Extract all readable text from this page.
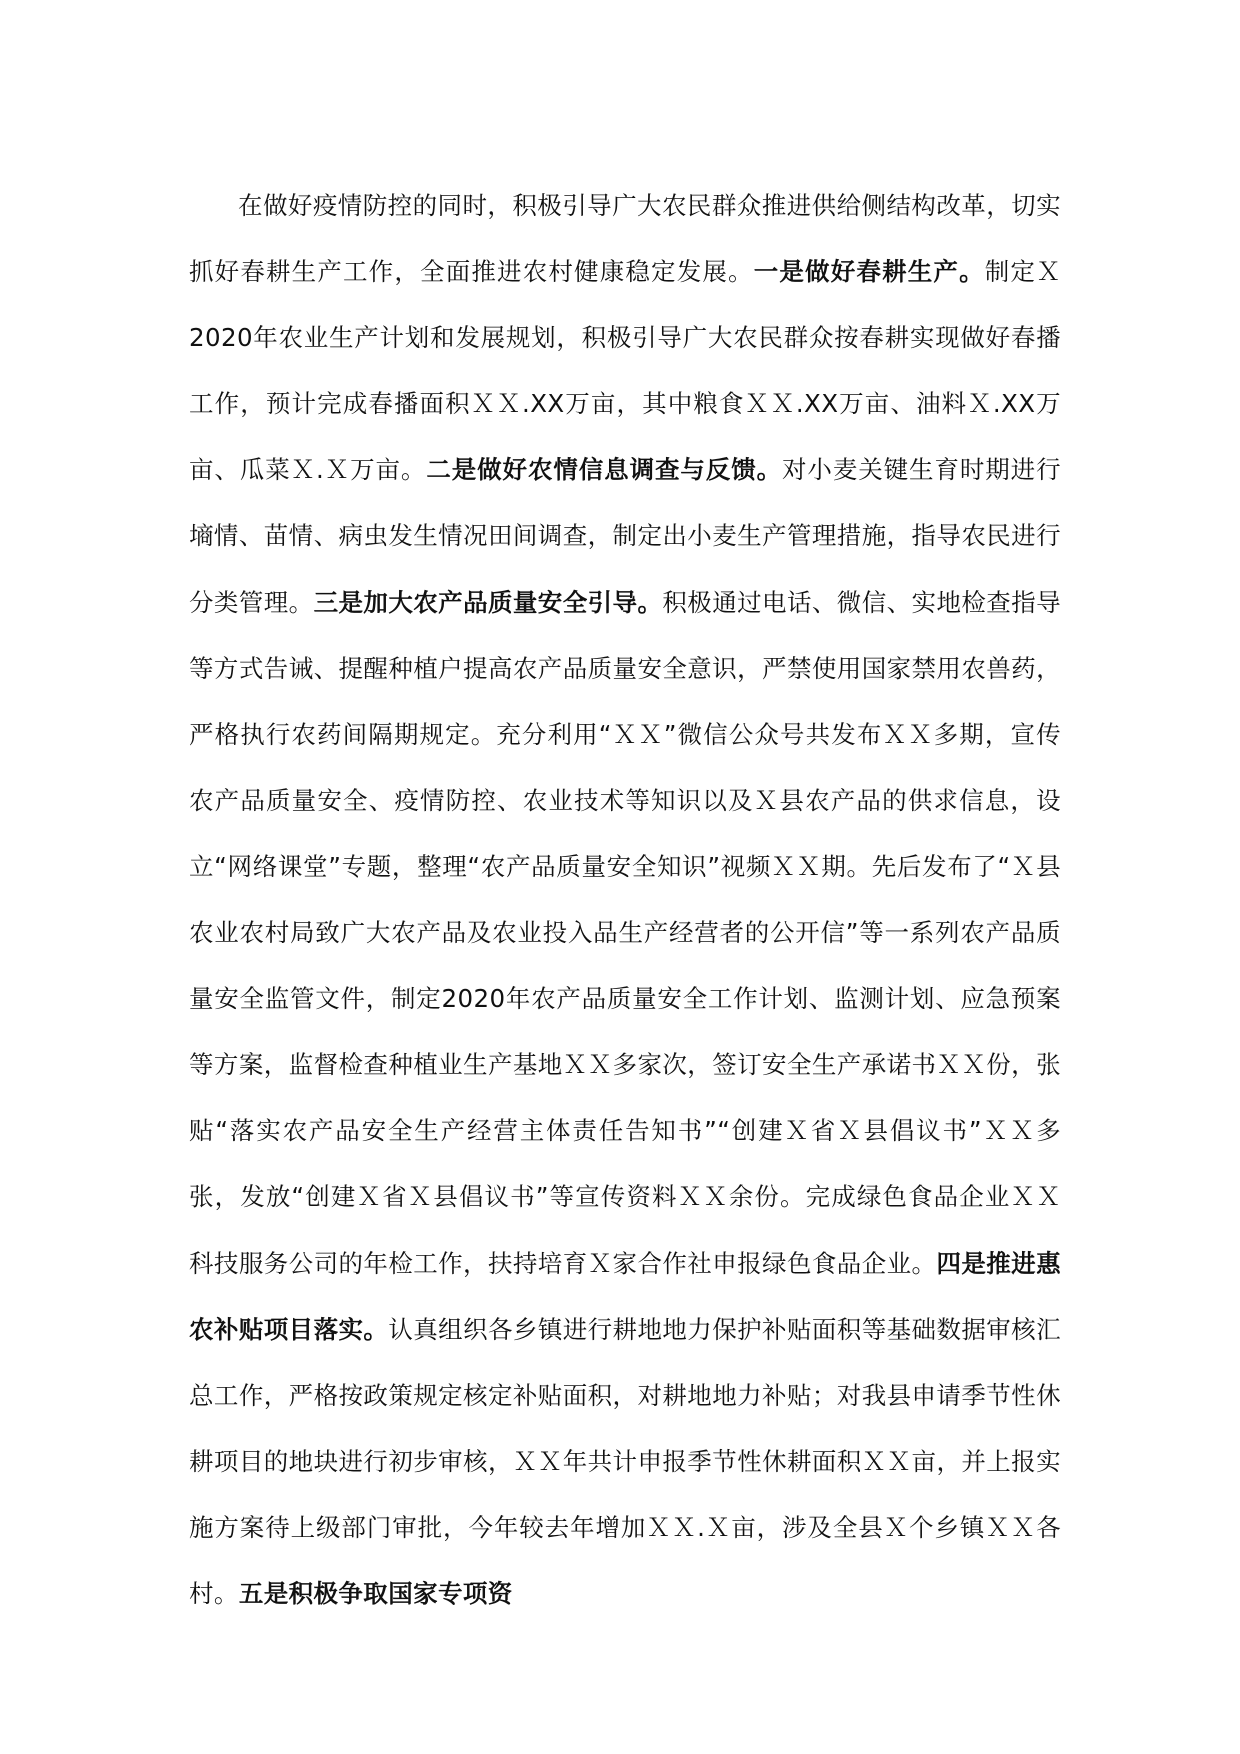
在做好疫情防控的同时，积极引导广大农民群众推进供给侧结构改革，切实抓好春耕生产工作，全面推进农村健康稳定发展。一是做好春耕生产。制定Ｘ2020年农业生产计划和发展规划，积极引导广大农民群众按春耕实现做好春播工作，预计完成春播面积ＸＸ.XX万亩，其中粮食ＸＸ.XX万亩、油料Ｘ.XX万亩、瓜菜Ｘ.Ｘ万亩。二是做好农情信息调查与反馈。对小麦关键生育时期进行墒情、苗情、病虫发生情况田间调查，制定出小麦生产管理措施，指导农民进行分类管理。三是加大农产品质量安全引导。积极通过电话、微信、实地检查指导等方式告诫、提醒种植户提高农产品质量安全意识，严禁使用国家禁用农兽药，严格执行农药间隔期规定。充分利用“ＸＸ”微信公众号共发布ＸＸ多期，宣传农产品质量安全、疫情防控、农业技术等知识以及Ｘ县农产品的供求信息，设立“网络课堂”专题，整理“农产品质量安全知识”视频ＸＸ期。先后发布了“Ｘ县农业农村局致广大农产品及农业投入品生产经营者的公开信”等一系列农产品质量安全监管文件，制定2020年农产品质量安全工作计划、监测计划、应急预案等方案，监督检查种植业生产基地ＸＸ多家次，签订安全生产承诺书ＸＸ份，张贴“落实农产品安全生产经营主体责任告知书”“创建Ｘ省Ｘ县倡议书”ＸＸ多张，发放“创建Ｘ省Ｘ县倡议书”等宣传资料ＸＸ余份。完成绿色食品企业ＸＸ科技服务公司的年检工作，扶持培育Ｘ家合作社申报绿色食品企业。四是推进惠农补贴项目落实。认真组织各乡镇进行耕地地力保护补贴面积等基础数据审核汇总工作，严格按政策规定核定补贴面积，对耕地地力补贴；对我县申请季节性休耕项目的地块进行初步审核，ＸＸ年共计申报季节性休耕面积ＸＸ亩，并上报实施方案待上级部门审批，今年较去年增加ＸＸ.Ｘ亩，涉及全县Ｘ个乡镇ＸＸ各村。五是积极争取国家专项资
